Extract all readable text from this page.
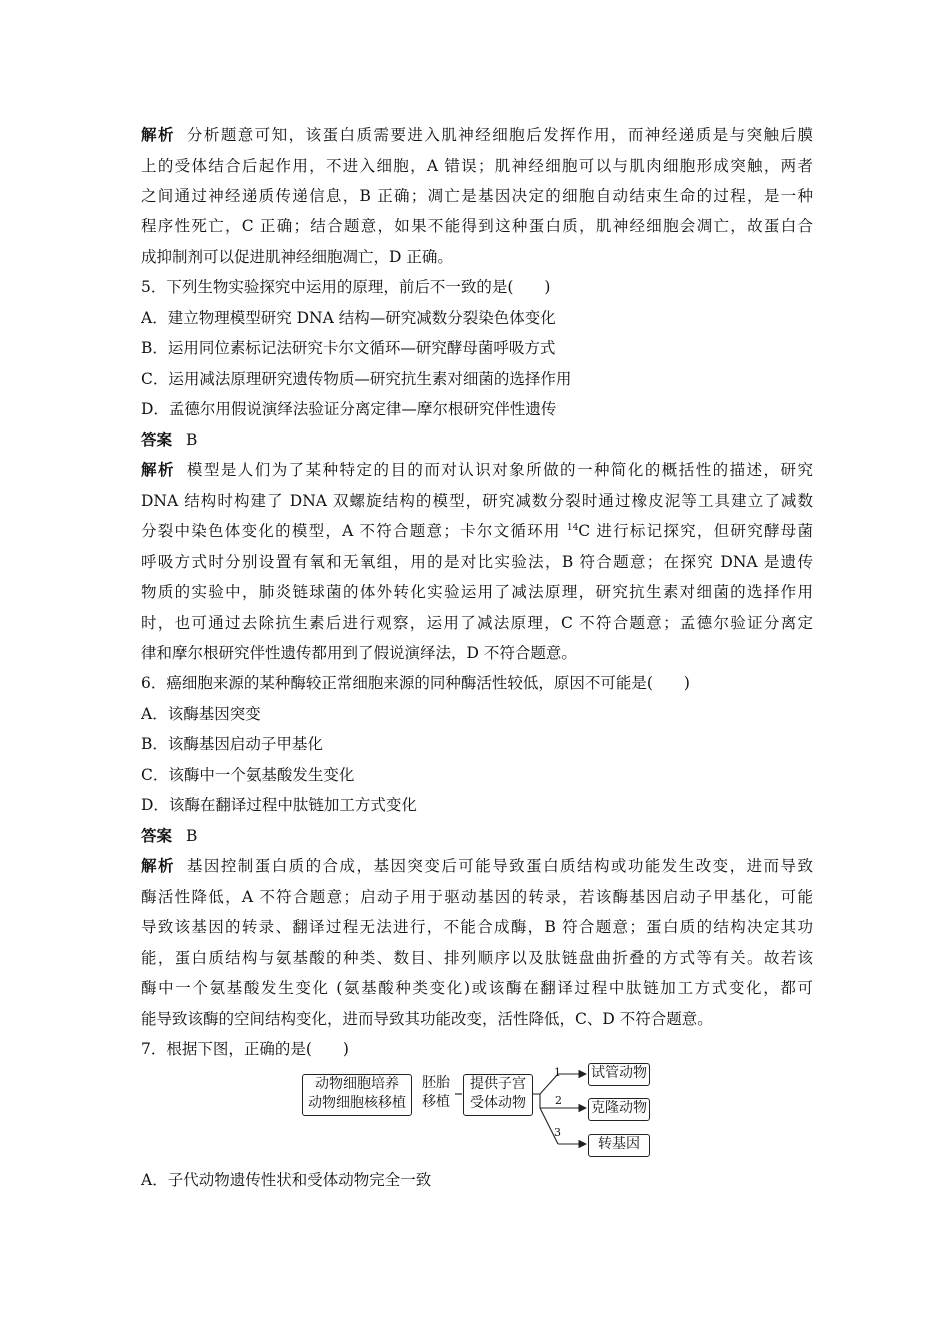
解析 分析题意可知，该蛋白质需要进入肌神经细胞后发挥作用，而神经递质是与突触后膜
上的受体结合后起作用，不进入细胞，A 错误；肌神经细胞可以与肌肉细胞形成突触，两者
之间通过神经递质传递信息，B 正确；凋亡是基因决定的细胞自动结束生命的过程，是一种
程序性死亡，C 正确；结合题意，如果不能得到这种蛋白质，肌神经细胞会凋亡，故蛋白合
成抑制剂可以促进肌神经细胞凋亡，D 正确。
5．下列生物实验探究中运用的原理，前后不一致的是(　　)
A．建立物理模型研究 DNA 结构—研究减数分裂染色体变化
B．运用同位素标记法研究卡尔文循环—研究酵母菌呼吸方式
C．运用减法原理研究遗传物质—研究抗生素对细菌的选择作用
D．孟德尔用假说演绎法验证分离定律—摩尔根研究伴性遗传
答案 B
解析 模型是人们为了某种特定的目的而对认识对象所做的一种简化的概括性的描述，研究
DNA 结构时构建了 DNA 双螺旋结构的模型，研究减数分裂时通过橡皮泥等工具建立了减数
分裂中染色体变化的模型，A 不符合题意；卡尔文循环用 $^{14}$C 进行标记探究，但研究酵母菌
呼吸方式时分别设置有氧和无氧组，用的是对比实验法，B 符合题意；在探究 DNA 是遗传
物质的实验中，肺炎链球菌的体外转化实验运用了减法原理，研究抗生素对细菌的选择作用
时，也可通过去除抗生素后进行观察，运用了减法原理，C 不符合题意；孟德尔验证分离定
律和摩尔根研究伴性遗传都用到了假说演绎法，D 不符合题意。
6．癌细胞来源的某种酶较正常细胞来源的同种酶活性较低，原因不可能是(　　)
A．该酶基因突变
B．该酶基因启动子甲基化
C．该酶中一个氨基酸发生变化
D．该酶在翻译过程中肽链加工方式变化
答案 B
解析 基因控制蛋白质的合成，基因突变后可能导致蛋白质结构或功能发生改变，进而导致
酶活性降低，A 不符合题意；启动子用于驱动基因的转录，若该酶基因启动子甲基化，可能
导致该基因的转录、翻译过程无法进行，不能合成酶，B 符合题意；蛋白质的结构决定其功
能，蛋白质结构与氨基酸的种类、数目、排列顺序以及肽链盘曲折叠的方式等有关。故若该
酶中一个氨基酸发生变化 (氨基酸种类变化)或该酶在翻译过程中肽链加工方式变化，都可
能导致该酶的空间结构变化，进而导致其功能改变，活性降低，C、D 不符合题意。
7．根据下图，正确的是(　　)
动物细胞培养
动物细胞核移植
胚胎
移植
提供子宫
受体动物
1
2
3
试管动物
克隆动物
转基因
A．子代动物遗传性状和受体动物完全一致
